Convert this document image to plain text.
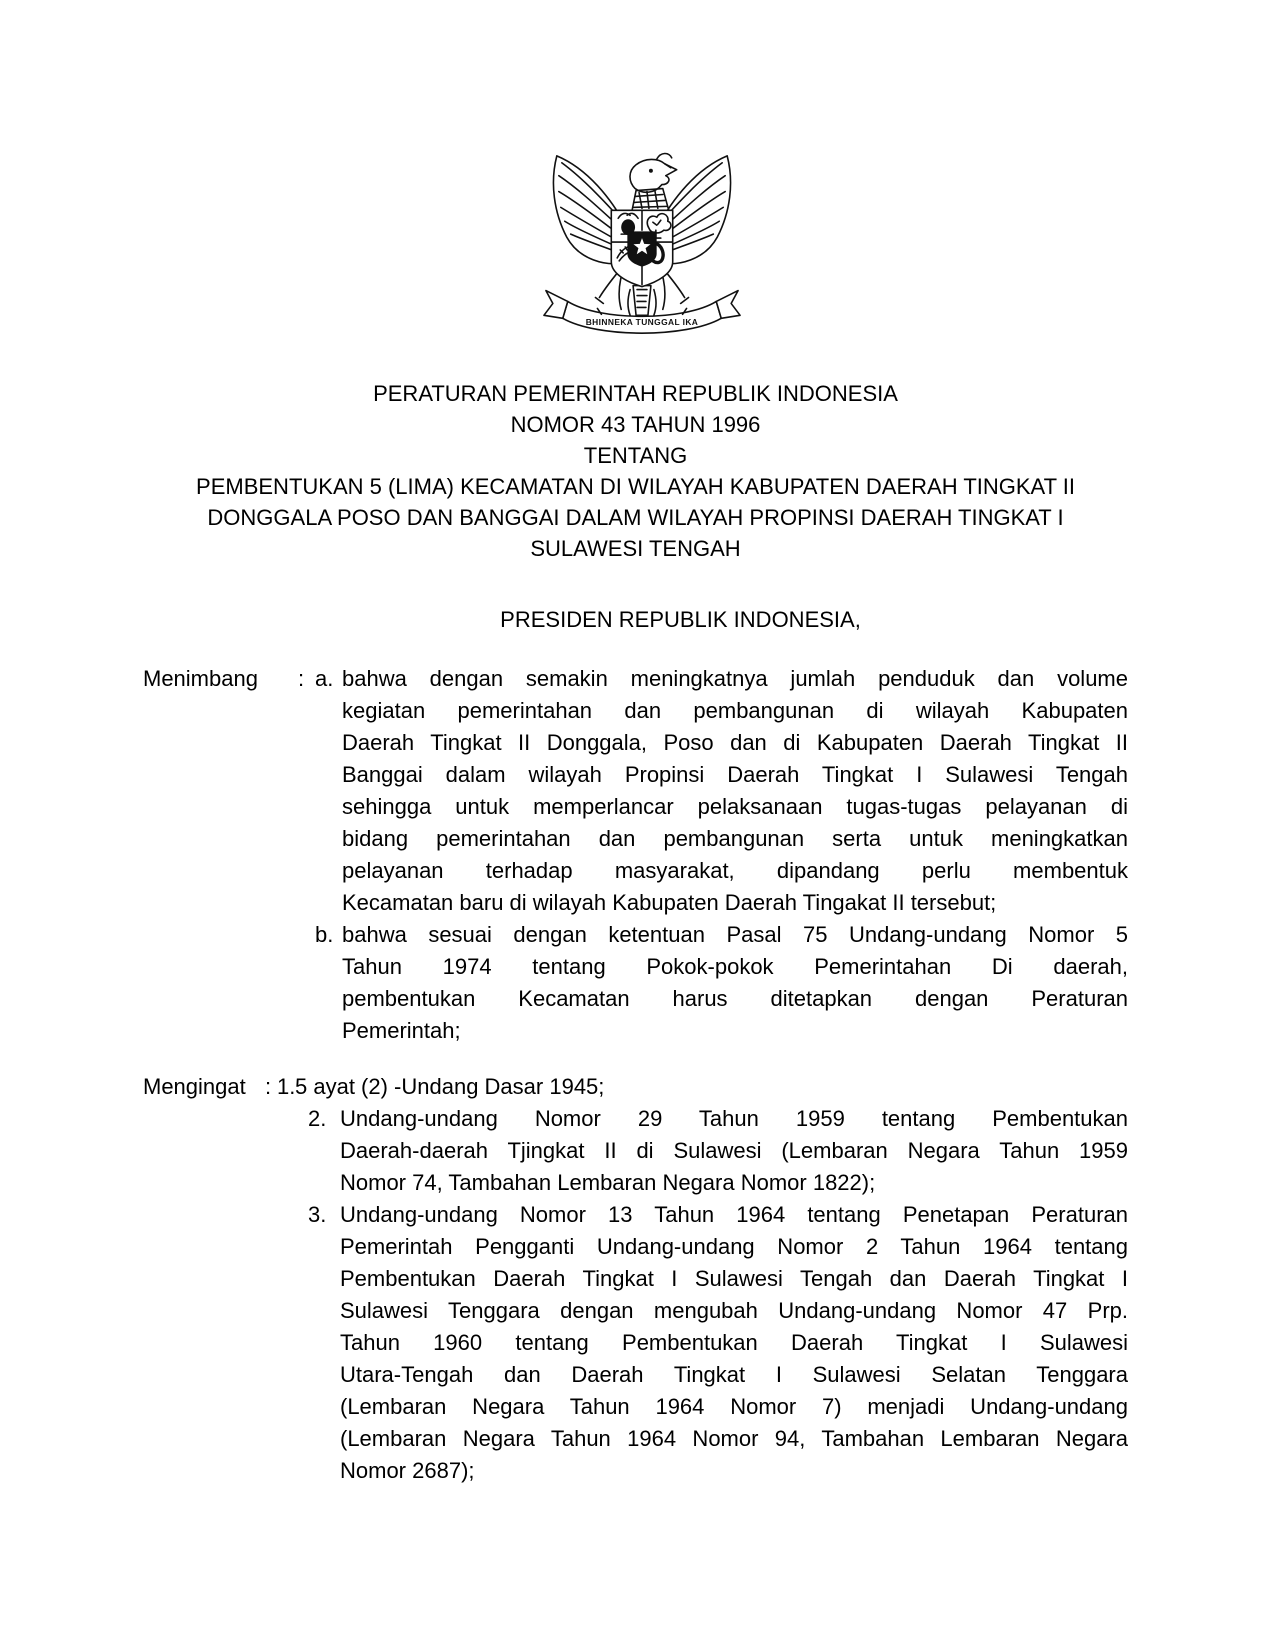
BHINNEKA TUNGGAL IKA
PERATURAN PEMERINTAH REPUBLIK INDONESIA
NOMOR 43 TAHUN 1996
TENTANG
PEMBENTUKAN 5 (LIMA) KECAMATAN DI WILAYAH KABUPATEN DAERAH TINGKAT II
DONGGALA POSO DAN BANGGAI DALAM WILAYAH PROPINSI DAERAH TINGKAT I
SULAWESI TENGAH
PRESIDEN REPUBLIK INDONESIA,
Menimbang	: a. bahwa dengan semakin meningkatnya jumlah penduduk dan volume
kegiatan pemerintahan dan pembangunan di wilayah Kabupaten
Daerah Tingkat II Donggala, Poso dan di Kabupaten Daerah Tingkat II
Banggai dalam wilayah Propinsi Daerah Tingkat I Sulawesi Tengah
sehingga untuk memperlancar pelaksanaan tugas-tugas pelayanan di
bidang pemerintahan dan pembangunan serta untuk meningkatkan
pelayanan terhadap masyarakat, dipandang perlu membentuk
Kecamatan baru di wilayah Kabupaten Daerah Tingakat II tersebut;
b. bahwa sesuai dengan ketentuan Pasal 75 Undang-undang Nomor 5
Tahun 1974 tentang Pokok-pokok Pemerintahan Di daerah,
pembentukan Kecamatan harus ditetapkan dengan Peraturan
Pemerintah;
Mengingat : 1. 5 ayat (2) -Undang Dasar 1945;
2. Undang-undang Nomor 29 Tahun 1959 tentang Pembentukan
Daerah-daerah Tjingkat II di Sulawesi (Lembaran Negara Tahun 1959
Nomor 74, Tambahan Lembaran Negara Nomor 1822);
3. Undang-undang Nomor 13 Tahun 1964 tentang Penetapan Peraturan
Pemerintah Pengganti Undang-undang Nomor 2 Tahun 1964 tentang
Pembentukan Daerah Tingkat I Sulawesi Tengah dan Daerah Tingkat I
Sulawesi Tenggara dengan mengubah Undang-undang Nomor 47 Prp.
Tahun 1960 tentang Pembentukan Daerah Tingkat I Sulawesi
Utara-Tengah dan Daerah Tingkat I Sulawesi Selatan Tenggara
(Lembaran Negara Tahun 1964 Nomor 7) menjadi Undang-undang
(Lembaran Negara Tahun 1964 Nomor 94, Tambahan Lembaran Negara
Nomor 2687);
